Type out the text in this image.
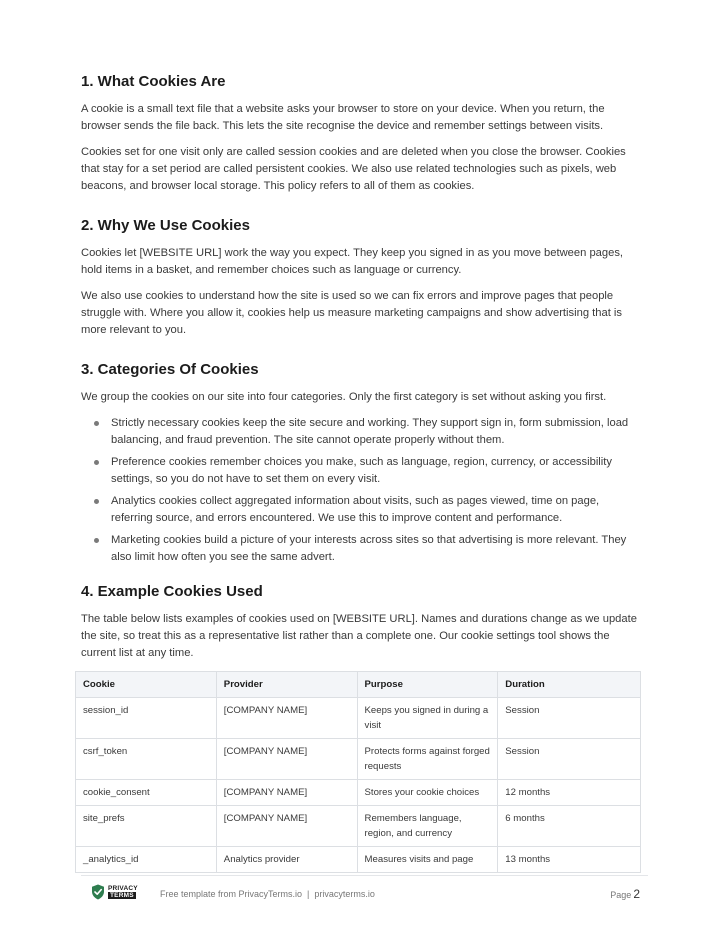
1. What Cookies Are

A cookie is a small text file that a website asks your browser to store on your device. When you return, the browser sends the file back. This lets the site recognise the device and remember settings between visits.

Cookies set for one visit only are called session cookies and are deleted when you close the browser. Cookies that stay for a set period are called persistent cookies. We also use related technologies such as pixels, web beacons, and browser local storage. This policy refers to all of them as cookies.

2. Why We Use Cookies

Cookies let [WEBSITE URL] work the way you expect. They keep you signed in as you move between pages, hold items in a basket, and remember choices such as language or currency.

We also use cookies to understand how the site is used so we can fix errors and improve pages that people struggle with. Where you allow it, cookies help us measure marketing campaigns and show advertising that is more relevant to you.

3. Categories Of Cookies

We group the cookies on our site into four categories. Only the first category is set without asking you first.

Strictly necessary cookies keep the site secure and working. They support sign in, form submission, load balancing, and fraud prevention. The site cannot operate properly without them.
Preference cookies remember choices you make, such as language, region, currency, or accessibility settings, so you do not have to set them on every visit.
Analytics cookies collect aggregated information about visits, such as pages viewed, time on page, referring source, and errors encountered. We use this to improve content and performance.
Marketing cookies build a picture of your interests across sites so that advertising is more relevant. They also limit how often you see the same advert.
4. Example Cookies Used

The table below lists examples of cookies used on [WEBSITE URL]. Names and durations change as we update the site, so treat this as a representative list rather than a complete one. Our cookie settings tool shows the current list at any time.

Cookie	Provider	Purpose	Duration
session_id	[COMPANY NAME]	Keeps you signed in during a visit	Session
csrf_token	[COMPANY NAME]	Protects forms against forged requests	Session
cookie_consent	[COMPANY NAME]	Stores your cookie choices	12 months
site_prefs	[COMPANY NAME]	Remembers language, region, and currency	6 months
_analytics_id	Analytics provider	Measures visits and page	13 months
PRIVACY
TERMS	Free template from PrivacyTerms.io  |  privacyterms.io	Page 2
